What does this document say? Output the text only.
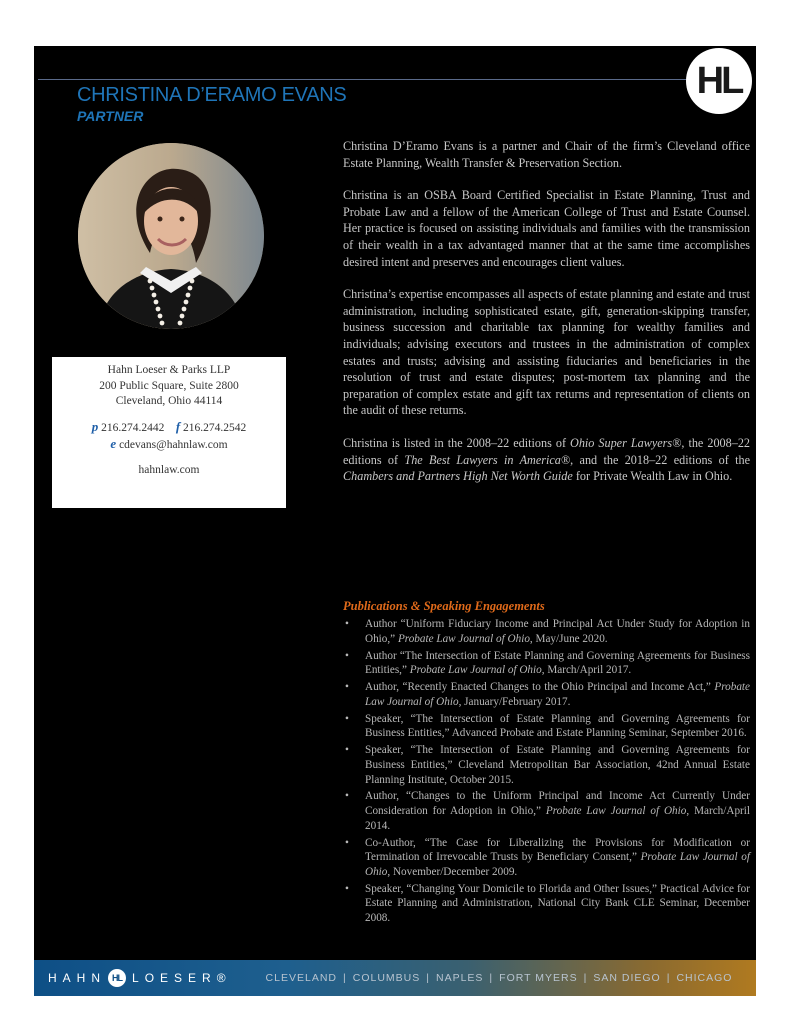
HL
CHRISTINA D’ERAMO EVANS
PARTNER
Hahn Loeser & Parks LLP
200 Public Square, Suite 2800
Cleveland, Ohio 44114
p 216.274.2442 f 216.274.2542
e cdevans@hahnlaw.com
hahnlaw.com

Christina D’Eramo Evans is a partner and Chair of the firm’s Cleveland office Estate Planning, Wealth Transfer & Preservation Section.

Christina is an OSBA Board Certified Specialist in Estate Planning, Trust and Probate Law and a fellow of the American College of Trust and Estate Counsel. Her practice is focused on assisting individuals and families with the transmission of their wealth in a tax advantaged manner that at the same time accomplishes desired intent and preserves and encourages client values.

Christina’s expertise encompasses all aspects of estate planning and estate and trust administration, including sophisticated estate, gift, generation-skipping transfer, business succession and charitable tax planning for wealthy families and individuals; advising executors and trustees in the administration of complex estates and trusts; advising and assisting fiduciaries and beneficiaries in the resolution of trust and estate disputes; post-mortem tax planning and the preparation of complex estate and gift tax returns and representation of clients on the audit of these returns.

Christina is listed in the 2008–22 editions of Ohio Super Lawyers®, the 2008–22 editions of The Best Lawyers in America®, and the 2018–22 editions of the Chambers and Partners High Net Worth Guide for Private Wealth Law in Ohio.

Publications & Speaking Engagements
• Author “Uniform Fiduciary Income and Principal Act Under Study for Adoption in Ohio,” Probate Law Journal of Ohio, May/June 2020.
• Author “The Intersection of Estate Planning and Governing Agreements for Business Entities,” Probate Law Journal of Ohio, March/April 2017.
• Author, “Recently Enacted Changes to the Ohio Principal and Income Act,” Probate Law Journal of Ohio, January/February 2017.
• Speaker, “The Intersection of Estate Planning and Governing Agreements for Business Entities,” Advanced Probate and Estate Planning Seminar, September 2016.
• Speaker, “The Intersection of Estate Planning and Governing Agreements for Business Entities,” Cleveland Metropolitan Bar Association, 42nd Annual Estate Planning Institute, October 2015.
• Author, “Changes to the Uniform Principal and Income Act Currently Under Consideration for Adoption in Ohio,” Probate Law Journal of Ohio, March/April 2014.
• Co-Author, “The Case for Liberalizing the Provisions for Modification or Termination of Irrevocable Trusts by Beneficiary Consent,” Probate Law Journal of Ohio, November/December 2009.
• Speaker, “Changing Your Domicile to Florida and Other Issues,” Practical Advice for Estate Planning and Administration, National City Bank CLE Seminar, December 2008.
HAHN HL LOESER®	CLEVELAND | COLUMBUS | NAPLES | FORT MYERS | SAN DIEGO | CHICAGO
